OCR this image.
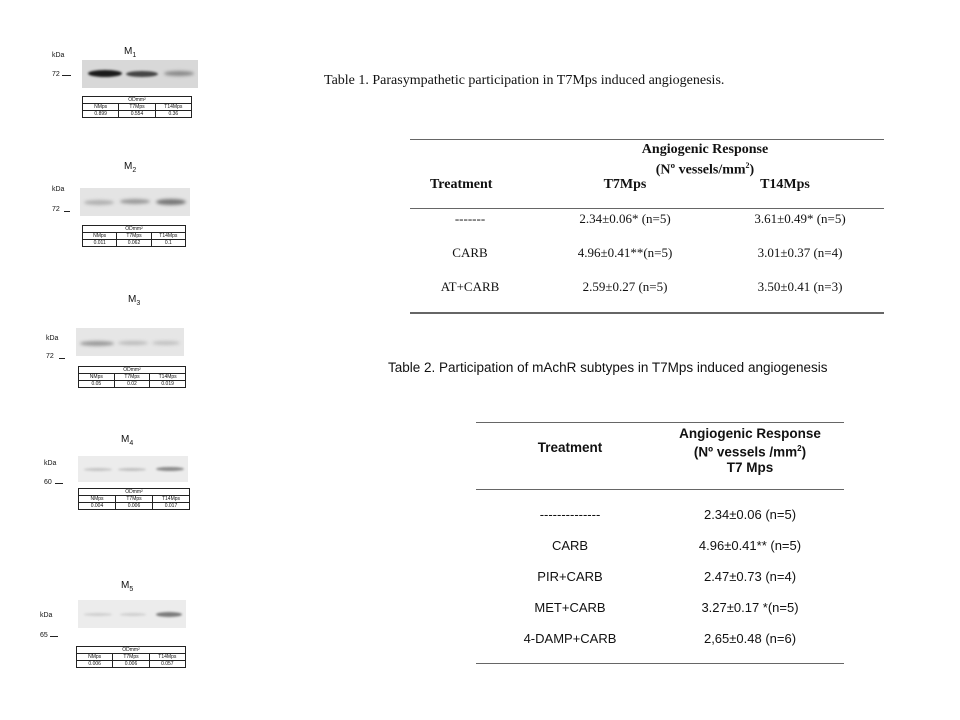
$M_1$
kDa
72
ODmm²		
NMps	T7Mps	T14Mps
0.899	0.554	0.36
$M_2$
kDa
72
ODmm²		
NMps	T7Mps	T14Mps
0.011	0.062	0.1
$M_3$
kDa
72
ODmm²		
NMps	T7Mps	T14Mps
0.05	0.02	0.019
$M_4$
kDa
60
ODmm²		
NMps	T7Mps	T14Mps
0.004	0.006	0.017
$M_5$
kDa
65
ODmm²		
NMps	T7Mps	T14Mps
0.006	0.006	0.057
Table 1. Parasympathetic participation in T7Mps induced angiogenesis.
Angiogenic Response
(Nº vessels/$mm^2$)
Treatment	T7Mps	T14Mps
-------	2.34±0.06* (n=5)	3.61±0.49* (n=5)
CARB	4.96±0.41**(n=5)	3.01±0.37 (n=4)
AT+CARB	2.59±0.27 (n=5)	3.50±0.41 (n=3)
Table 2. Participation of mAchR subtypes in T7Mps induced angiogenesis
Treatment
Angiogenic Response
(Nº vessels $/mm^2$)
T7 Mps
--------------	2.34±0.06 (n=5)
CARB	4.96±0.41** (n=5)
PIR+CARB	2.47±0.73 (n=4)
MET+CARB	3.27±0.17 *(n=5)
4-DAMP+CARB	2,65±0.48 (n=6)
